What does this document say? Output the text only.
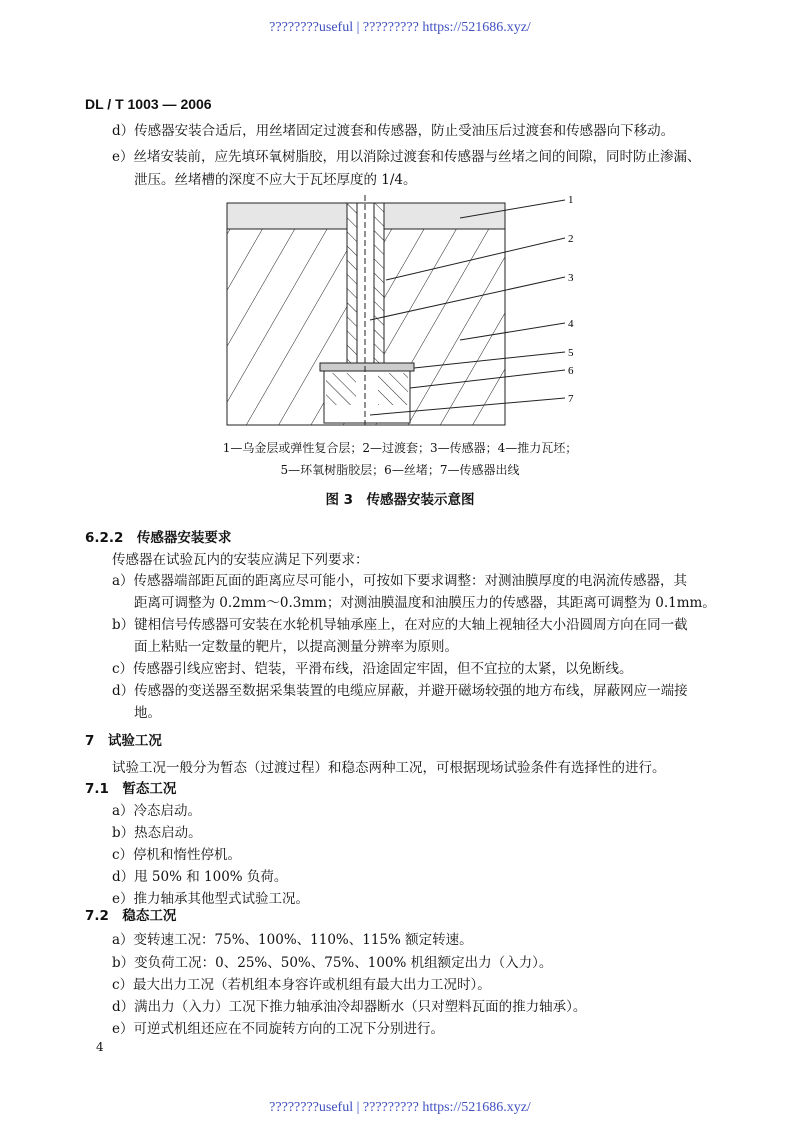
????????useful | ????????? https://521686.xyz/
DL / T 1003 — 2006
d）传感器安装合适后，用丝堵固定过渡套和传感器，防止受油压后过渡套和传感器向下移动。
e）丝堵安装前，应先填环氧树脂胶，用以消除过渡套和传感器与丝堵之间的间隙，同时防止渗漏、
泄压。丝堵槽的深度不应大于瓦坯厚度的 1/4。
1
2
3
4
5
6
7
1—乌金层或弹性复合层；2—过渡套；3—传感器；4—推力瓦坯；
5—环氧树脂胶层；6—丝堵；7—传感器出线
图 3　传感器安装示意图
6.2.2　传感器安装要求
传感器在试验瓦内的安装应满足下列要求：
a）传感器端部距瓦面的距离应尽可能小，可按如下要求调整：对测油膜厚度的电涡流传感器，其
距离可调整为 0.2mm～0.3mm；对测油膜温度和油膜压力的传感器，其距离可调整为 0.1mm。
b）键相信号传感器可安装在水轮机导轴承座上，在对应的大轴上视轴径大小沿圆周方向在同一截
面上粘贴一定数量的靶片，以提高测量分辨率为原则。
c）传感器引线应密封、铠装，平滑布线，沿途固定牢固，但不宜拉的太紧，以免断线。
d）传感器的变送器至数据采集装置的电缆应屏蔽，并避开磁场较强的地方布线，屏蔽网应一端接
地。
7　试验工况
试验工况一般分为暂态（过渡过程）和稳态两种工况，可根据现场试验条件有选择性的进行。
7.1　暂态工况
a）冷态启动。
b）热态启动。
c）停机和惰性停机。
d）甩 50% 和 100% 负荷。
e）推力轴承其他型式试验工况。
7.2　稳态工况
a）变转速工况：75%、100%、110%、115% 额定转速。
b）变负荷工况：0、25%、50%、75%、100% 机组额定出力（入力）。
c）最大出力工况（若机组本身容许或机组有最大出力工况时）。
d）满出力（入力）工况下推力轴承油冷却器断水（只对塑料瓦面的推力轴承）。
e）可逆式机组还应在不同旋转方向的工况下分别进行。
4
????????useful | ????????? https://521686.xyz/
